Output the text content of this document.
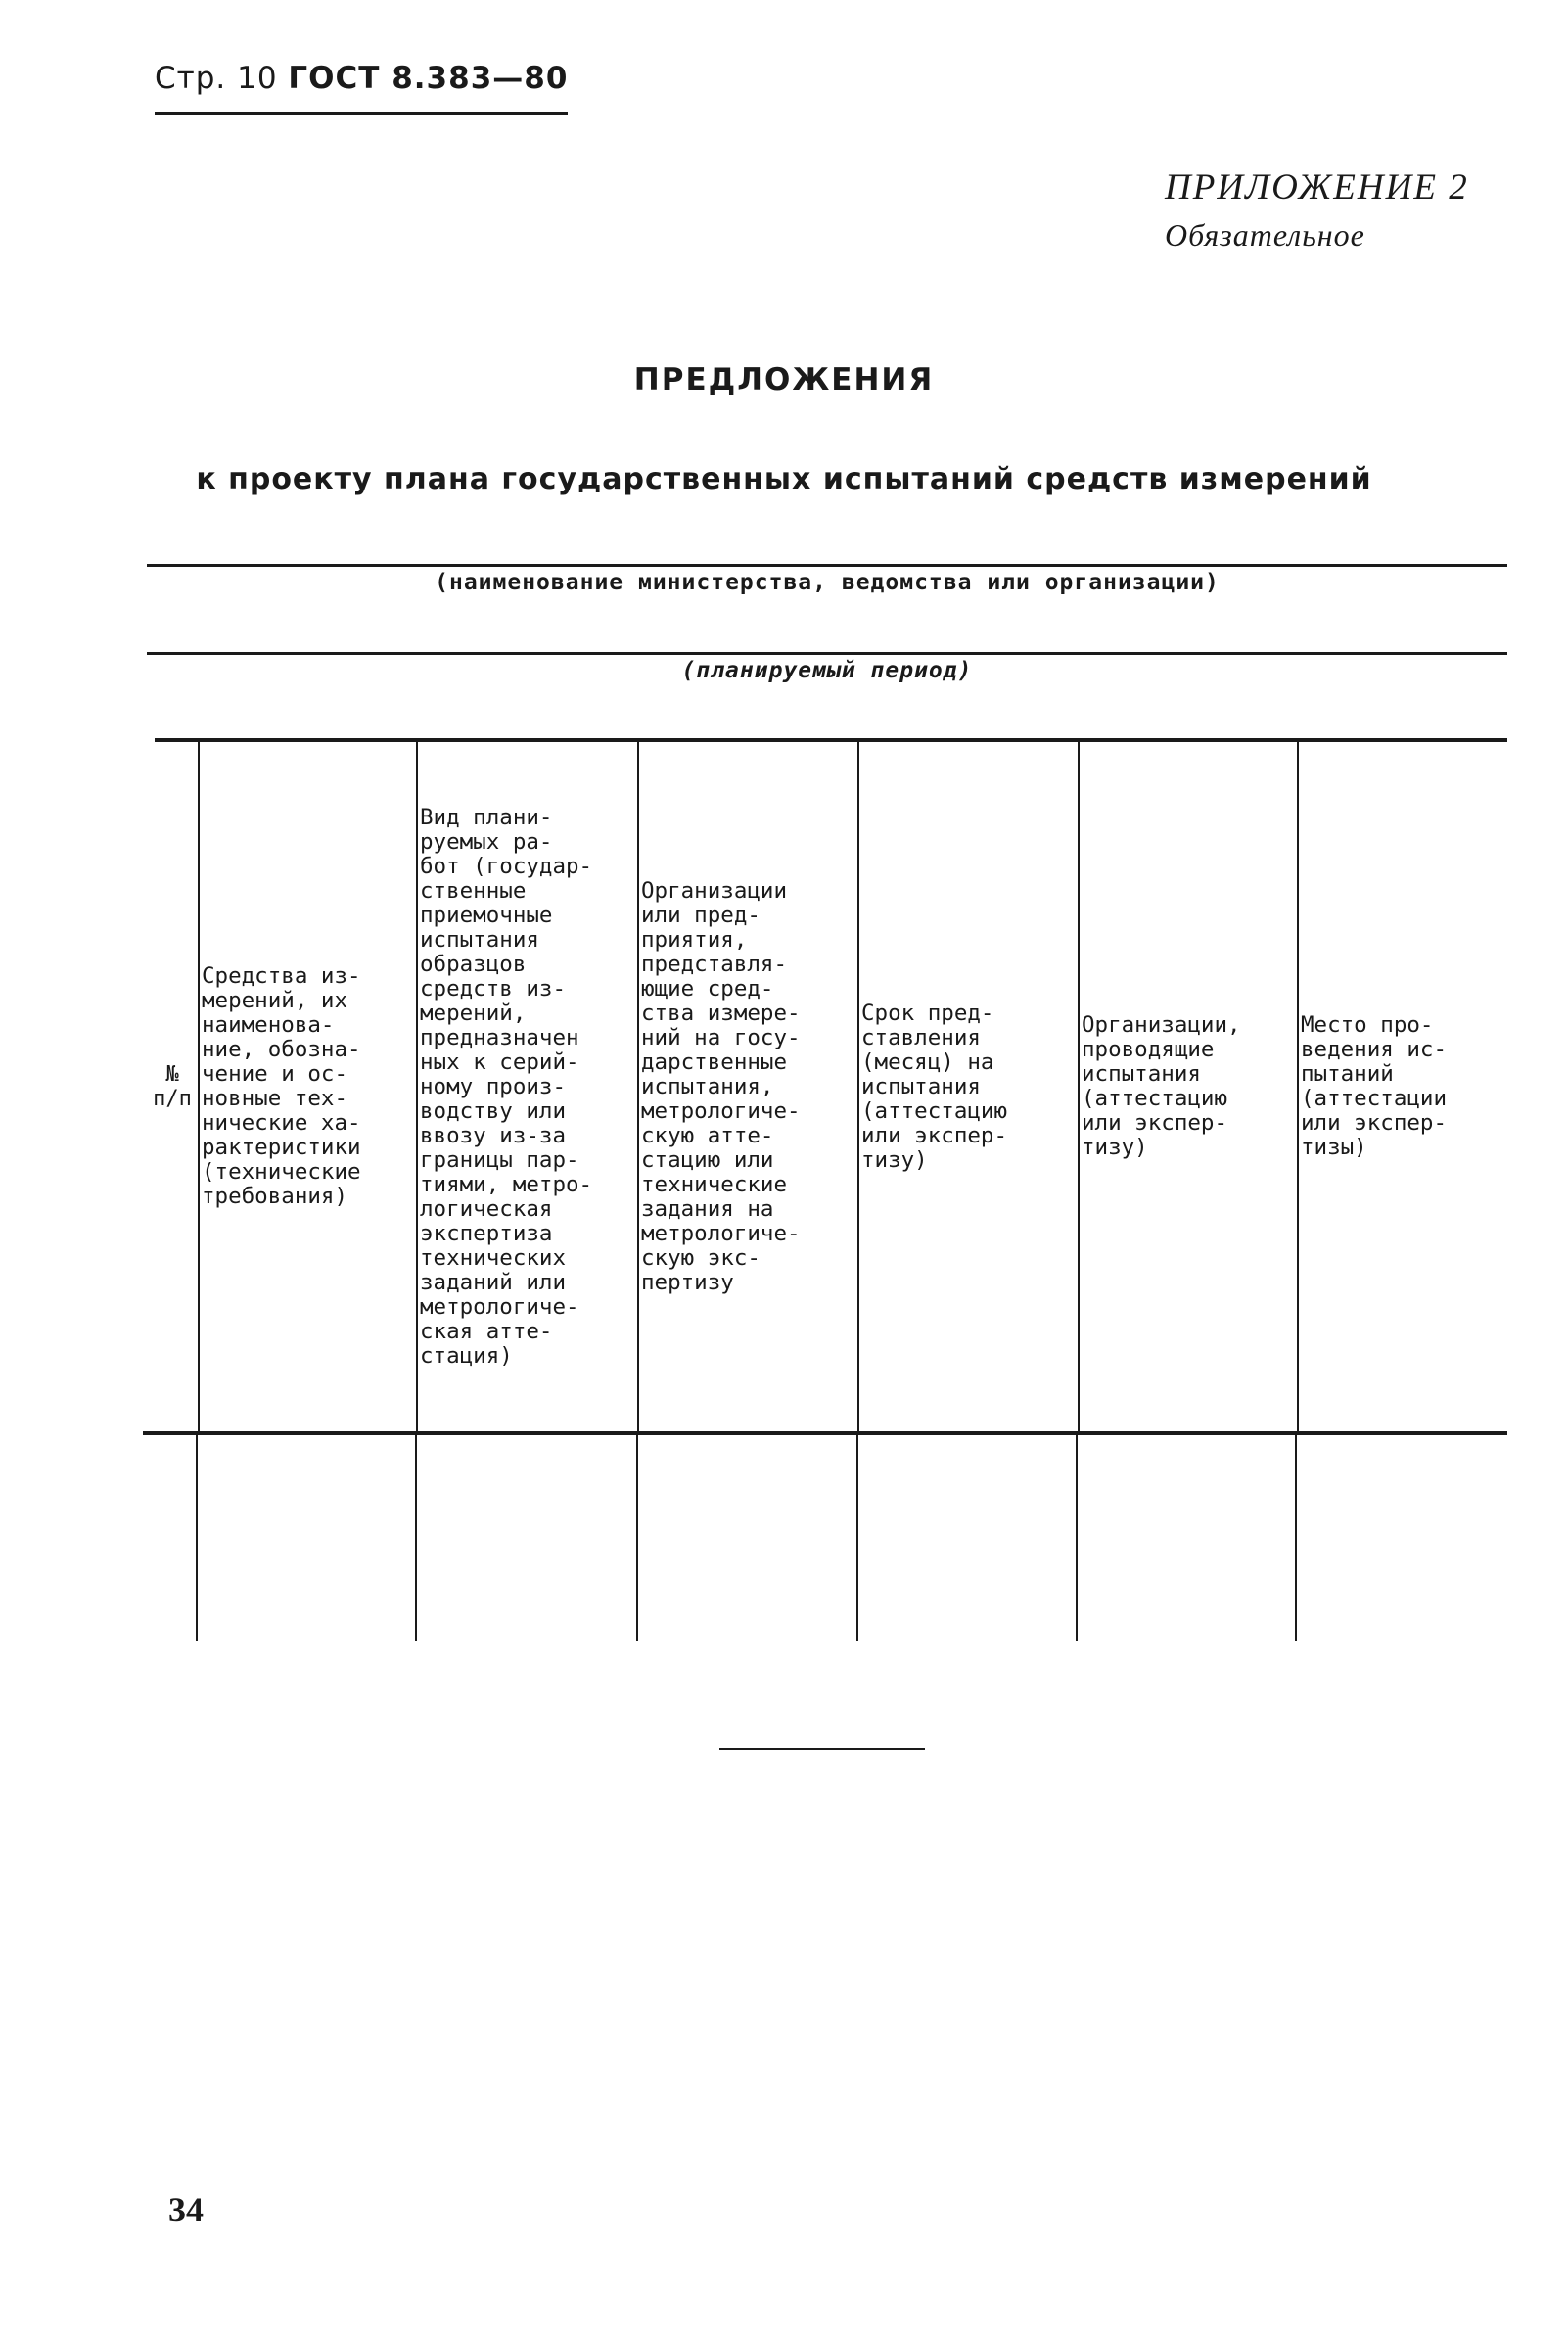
Стр. 10 ГОСТ 8.383—80
ПРИЛОЖЕНИЕ 2
Обязательное
ПРЕДЛОЖЕНИЯ
к проекту плана государственных испытаний средств измерений
(наименование министерства, ведомства или организации)
(планируемый период)
№
п/п
Средства из-
мерений, их
наименова-
ние, обозна-
чение и ос-
новные тех-
нические ха-
рактеристики
(технические
требования)
Вид плани-
руемых ра-
бот (государ-
ственные
приемочные
испытания
образцов
средств из-
мерений,
предназначен
ных к серий-
ному произ-
водству или
ввозу из-за
границы пар-
тиями, метро-
логическая
экспертиза
технических
заданий или
метрологиче-
ская атте-
стация)
Организации
или пред-
приятия,
представля-
ющие сред-
ства измере-
ний на госу-
дарственные
испытания,
метрологиче-
скую атте-
стацию или
технические
задания на
метрологиче-
скую экс-
пертизу
Срок пред-
ставления
(месяц) на
испытания
(аттестацию
или экспер-
тизу)
Организации,
проводящие
испытания
(аттестацию
или экспер-
тизу)
Место про-
ведения ис-
пытаний
(аттестации
или экспер-
тизы)
34
